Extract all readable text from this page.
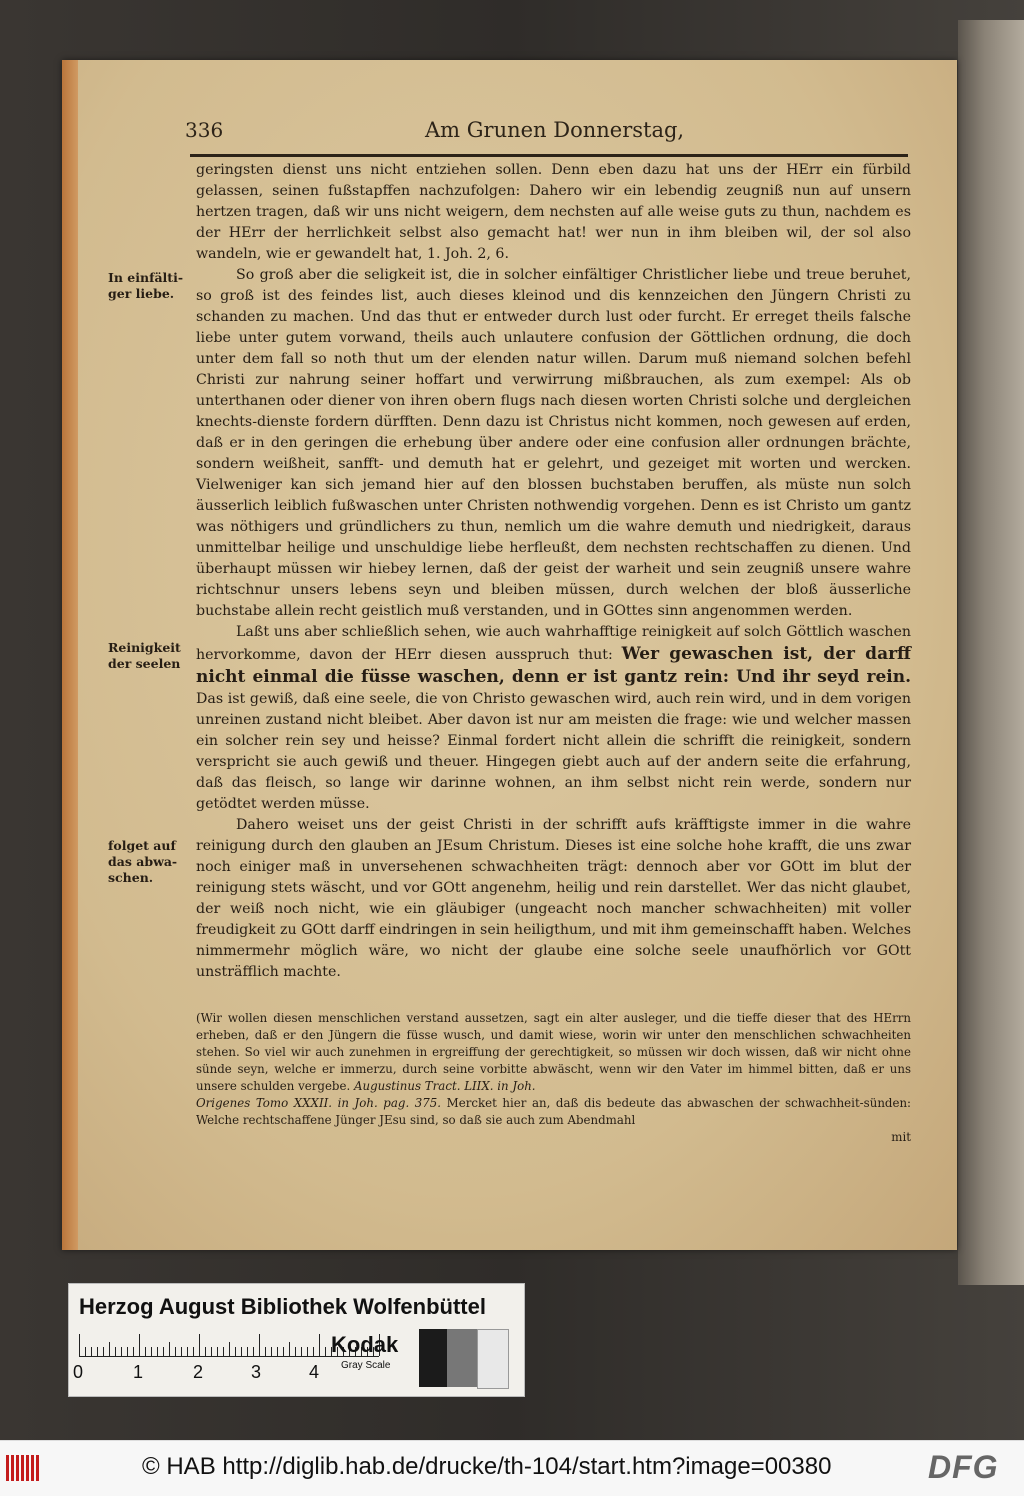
336	Am Grunen Donnerstag,
In einfälti-ger liebe.
Reinigkeit der seelen
folget auf das abwa-schen.

geringsten dienst uns nicht entziehen sollen. Denn eben dazu hat uns der HErr ein fürbild gelassen, seinen fußstapffen nachzufolgen: Dahero wir ein lebendig zeugniß nun auf unsern hertzen tragen, daß wir uns nicht weigern, dem nechsten auf alle weise guts zu thun, nachdem es der HErr der herrlichkeit selbst also gemacht hat! wer nun in ihm bleiben wil, der sol also wandeln, wie er gewandelt hat, 1. Joh. 2, 6.

So groß aber die seligkeit ist, die in solcher einfältiger Christlicher liebe und treue beruhet, so groß ist des feindes list, auch dieses kleinod und dis kennzeichen den Jüngern Christi zu schanden zu machen. Und das thut er entweder durch lust oder furcht. Er erreget theils falsche liebe unter gutem vorwand, theils auch unlautere confusion der Göttlichen ordnung, die doch unter dem fall so noth thut um der elenden natur willen. Darum muß niemand solchen befehl Christi zur nahrung seiner hoffart und verwirrung mißbrauchen, als zum exempel: Als ob unterthanen oder diener von ihren obern flugs nach diesen worten Christi solche und dergleichen knechts-dienste fordern dürfften. Denn dazu ist Christus nicht kommen, noch gewesen auf erden, daß er in den geringen die erhebung über andere oder eine confusion aller ordnungen brächte, sondern weißheit, sanfft- und demuth hat er gelehrt, und gezeiget mit worten und wercken. Vielweniger kan sich jemand hier auf den blossen buchstaben beruffen, als müste nun solch äusserlich leiblich fußwaschen unter Christen nothwendig vorgehen. Denn es ist Christo um gantz was nöthigers und gründlichers zu thun, nemlich um die wahre demuth und niedrigkeit, daraus unmittelbar heilige und unschuldige liebe herfleußt, dem nechsten rechtschaffen zu dienen. Und überhaupt müssen wir hiebey lernen, daß der geist der warheit und sein zeugniß unsere wahre richtschnur unsers lebens seyn und bleiben müssen, durch welchen der bloß äusserliche buchstabe allein recht geistlich muß verstanden, und in GOttes sinn angenommen werden.

Laßt uns aber schließlich sehen, wie auch wahrhafftige reinigkeit auf solch Göttlich waschen hervorkomme, davon der HErr diesen ausspruch thut: Wer gewaschen ist, der darff nicht einmal die füsse waschen, denn er ist gantz rein: Und ihr seyd rein. Das ist gewiß, daß eine seele, die von Christo gewaschen wird, auch rein wird, und in dem vorigen unreinen zustand nicht bleibet. Aber davon ist nur am meisten die frage: wie und welcher massen ein solcher rein sey und heisse? Einmal fordert nicht allein die schrifft die reinigkeit, sondern verspricht sie auch gewiß und theuer. Hingegen giebt auch auf der andern seite die erfahrung, daß das fleisch, so lange wir darinne wohnen, an ihm selbst nicht rein werde, sondern nur getödtet werden müsse.

Dahero weiset uns der geist Christi in der schrifft aufs kräfftigste immer in die wahre reinigung durch den glauben an JEsum Christum. Dieses ist eine solche hohe krafft, die uns zwar noch einiger maß in unversehenen schwachheiten trägt: dennoch aber vor GOtt im blut der reinigung stets wäscht, und vor GOtt angenehm, heilig und rein darstellet. Wer das nicht glaubet, der weiß noch nicht, wie ein gläubiger (ungeacht noch mancher schwachheiten) mit voller freudigkeit zu GOtt darff eindringen in sein heiligthum, und mit ihm gemeinschafft haben. Welches nimmermehr möglich wäre, wo nicht der glaube eine solche seele unaufhörlich vor GOtt unsträfflich machte.

(Wir wollen diesen menschlichen verstand aussetzen, sagt ein alter ausleger, und die tieffe dieser that des HErrn erheben, daß er den Jüngern die füsse wusch, und damit wiese, worin wir unter den menschlichen schwachheiten stehen. So viel wir auch zunehmen in ergreiffung der gerechtigkeit, so müssen wir doch wissen, daß wir nicht ohne sünde seyn, welche er immerzu, durch seine vorbitte abwäscht, wenn wir den Vater im himmel bitten, daß er uns unsere schulden vergebe. Augustinus Tract. LIIX. in Joh.

Origenes Tomo XXXII. in Joh. pag. 375. Mercket hier an, daß dis bedeute das abwaschen der schwachheit-sünden: Welche rechtschaffene Jünger JEsu sind, so daß sie auch zum Abendmahl

mit

Herzog August Bibliothek Wolfenbüttel
0	1	2	3	4
Kodak
Gray Scale
© HAB http://diglib.hab.de/drucke/th-104/start.htm?image=00380	DFG
